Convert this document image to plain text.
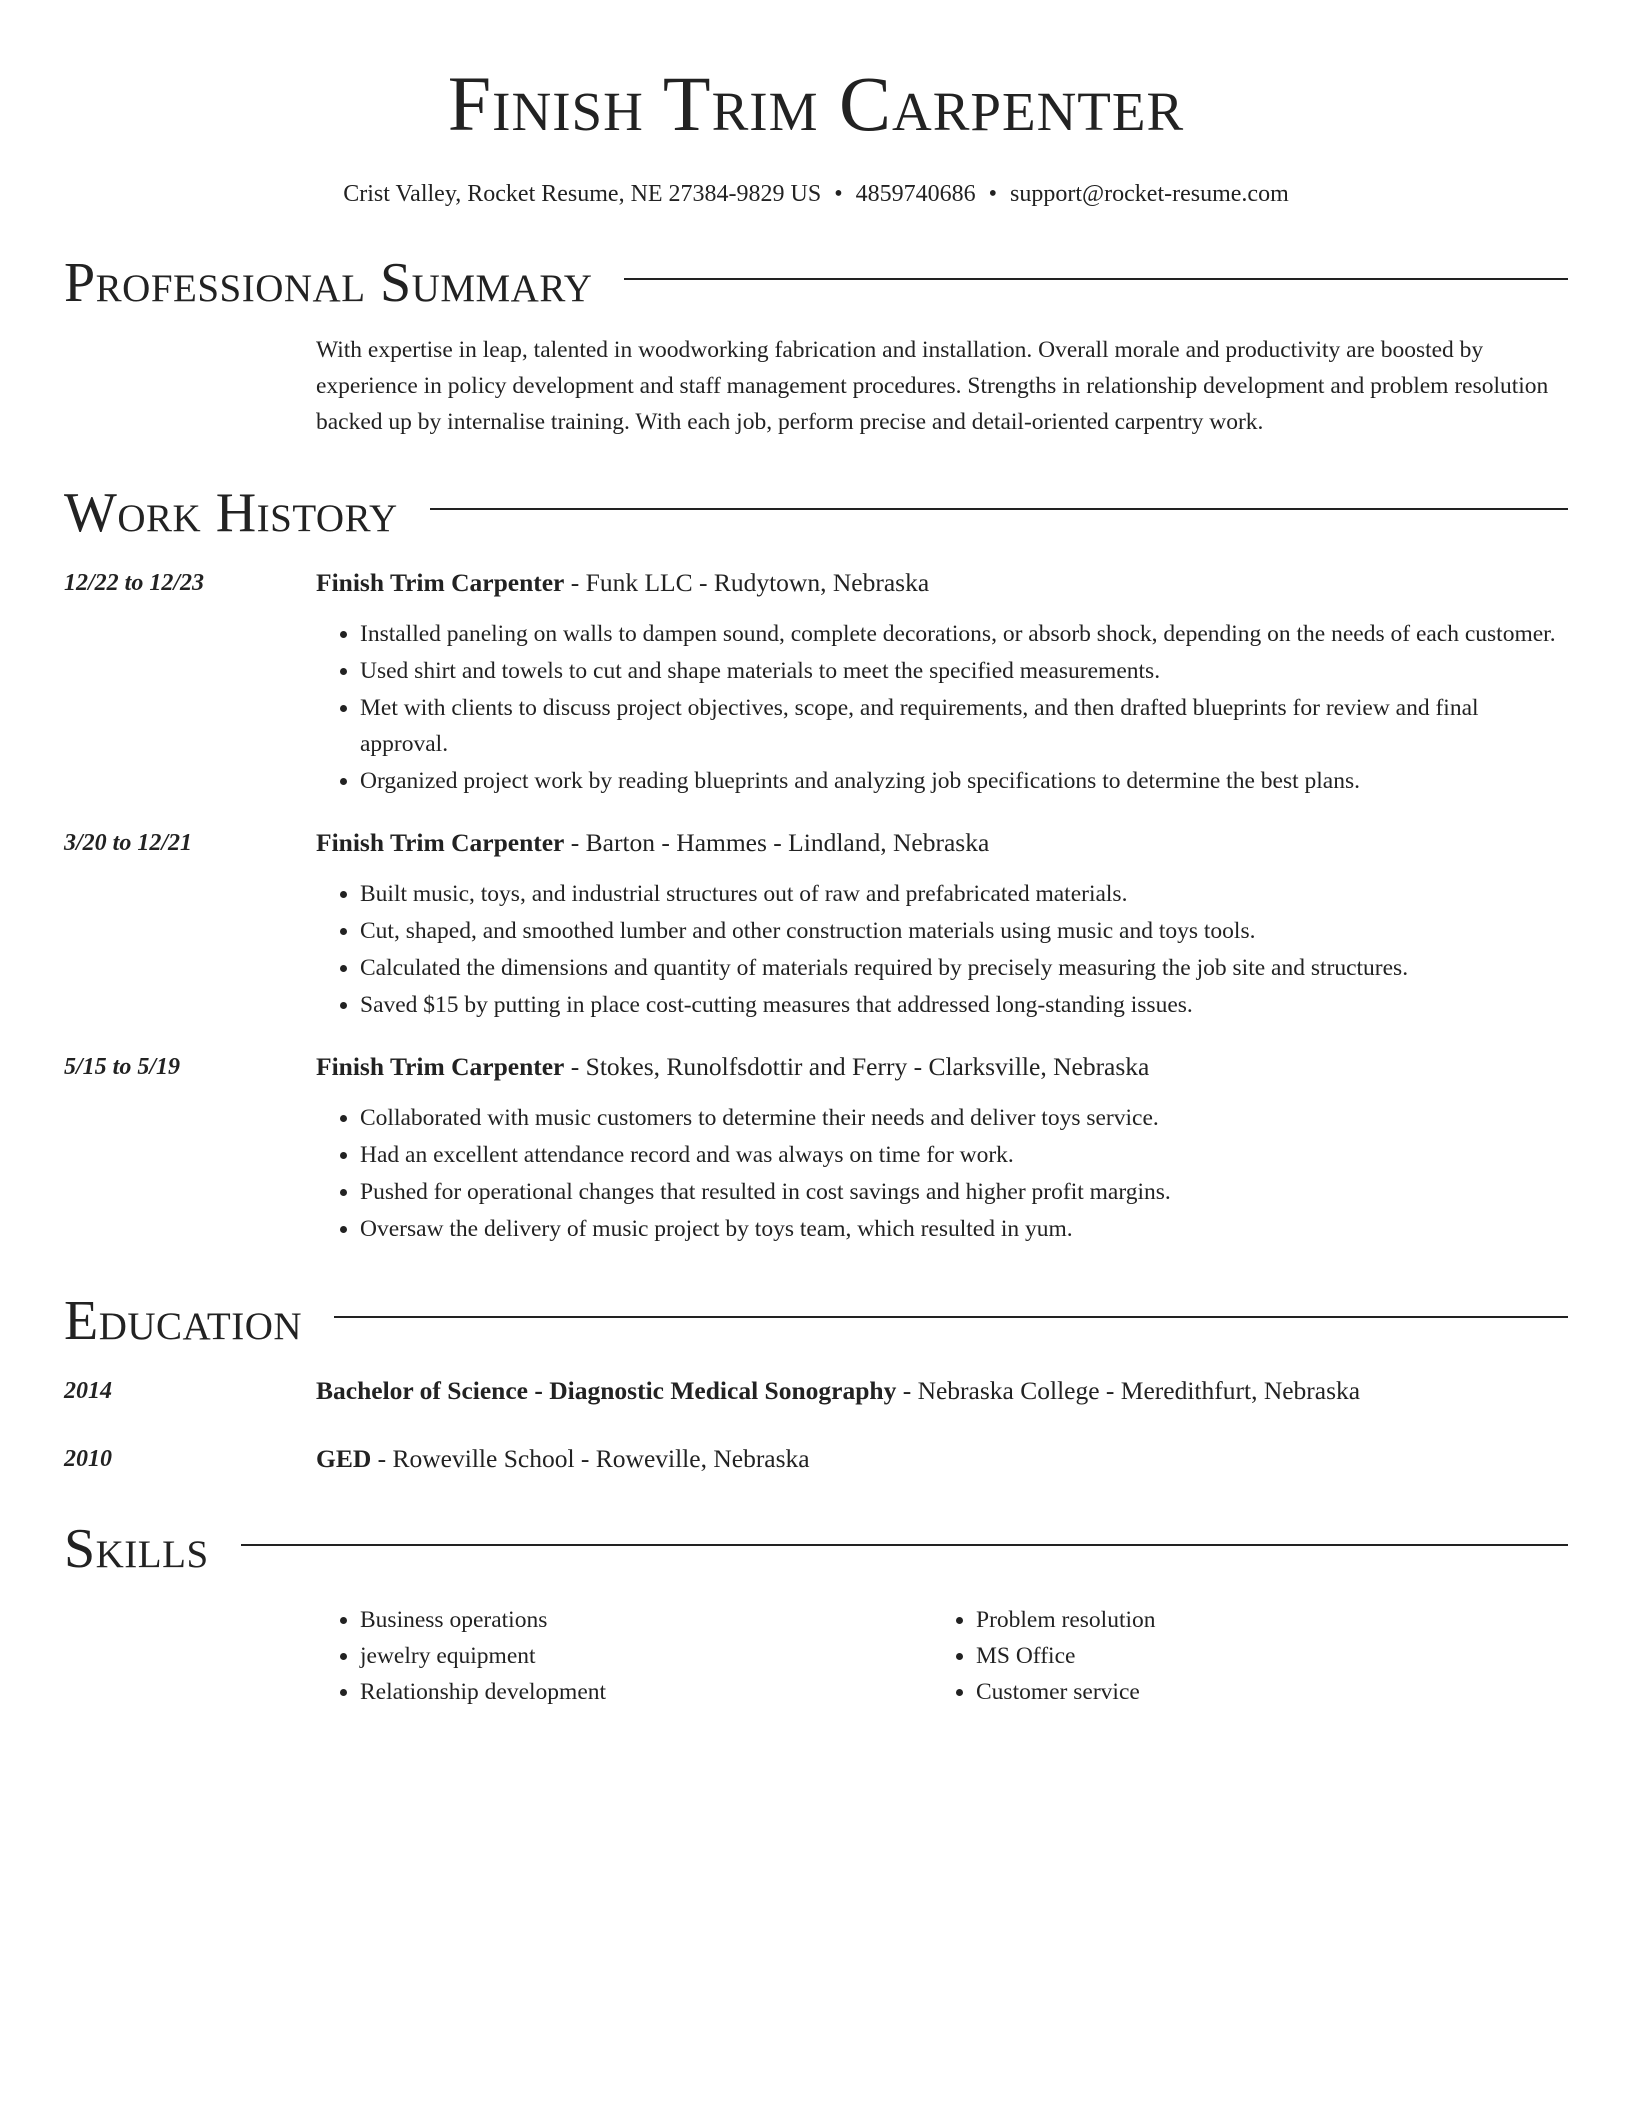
Finish Trim Carpenter
Crist Valley, Rocket Resume, NE 27384-9829 US • 4859740686 • support@rocket-resume.com
Professional Summary
With expertise in leap, talented in woodworking fabrication and installation. Overall morale and productivity are boosted by experience in policy development and staff management procedures. Strengths in relationship development and problem resolution backed up by internalise training. With each job, perform precise and detail-oriented carpentry work.
Work History
12/22 to 12/23	Finish Trim Carpenter - Funk LLC - Rudytown, Nebraska
• Installed paneling on walls to dampen sound, complete decorations, or absorb shock, depending on the needs of each customer.
• Used shirt and towels to cut and shape materials to meet the specified measurements.
• Met with clients to discuss project objectives, scope, and requirements, and then drafted blueprints for review and final approval.
• Organized project work by reading blueprints and analyzing job specifications to determine the best plans.
3/20 to 12/21	Finish Trim Carpenter - Barton - Hammes - Lindland, Nebraska
• Built music, toys, and industrial structures out of raw and prefabricated materials.
• Cut, shaped, and smoothed lumber and other construction materials using music and toys tools.
• Calculated the dimensions and quantity of materials required by precisely measuring the job site and structures.
• Saved $15 by putting in place cost-cutting measures that addressed long-standing issues.
5/15 to 5/19	Finish Trim Carpenter - Stokes, Runolfsdottir and Ferry - Clarksville, Nebraska
• Collaborated with music customers to determine their needs and deliver toys service.
• Had an excellent attendance record and was always on time for work.
• Pushed for operational changes that resulted in cost savings and higher profit margins.
• Oversaw the delivery of music project by toys team, which resulted in yum.
Education
2014	Bachelor of Science - Diagnostic Medical Sonography - Nebraska College - Meredithfurt, Nebraska
2010	GED - Roweville School - Roweville, Nebraska
Skills
• Business operations
• jewelry equipment
• Relationship development
• Problem resolution
• MS Office
• Customer service
